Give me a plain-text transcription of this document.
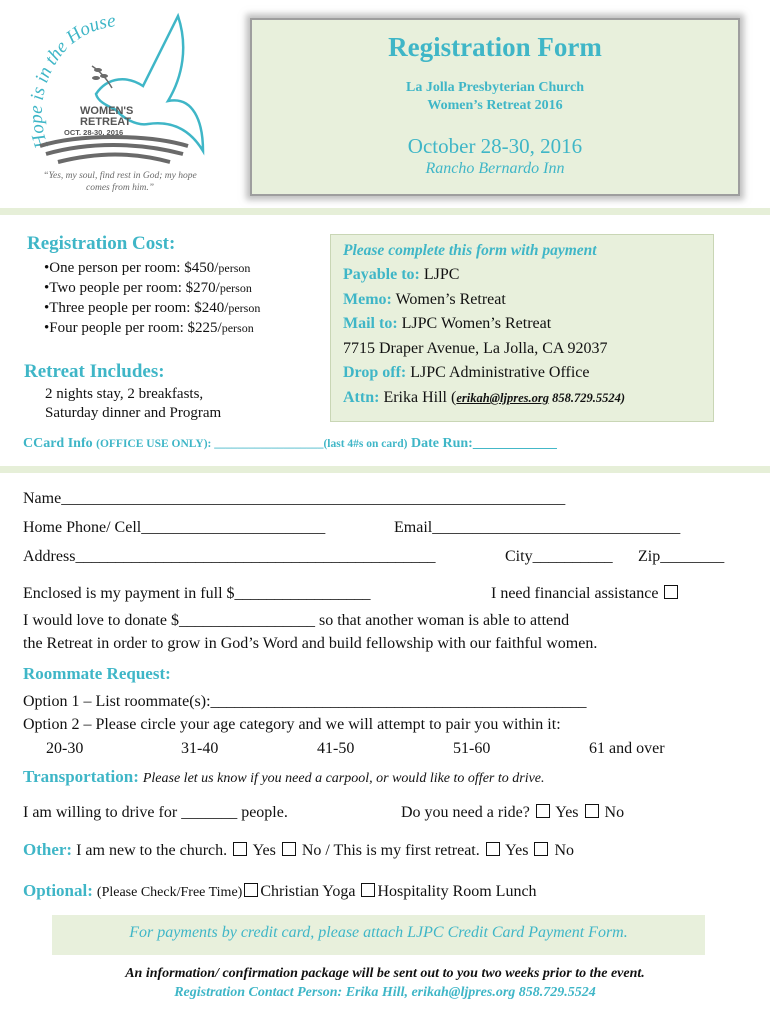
Hope is in the House
WOMEN'S
RETREAT
OCT. 28-30, 2016
“Yes, my soul, find rest in God; my hope comes from him.”
Registration Form
La Jolla Presbyterian Church
Women’s Retreat 2016
October 28-30, 2016
Rancho Bernardo Inn
Registration Cost:
•One person per room: $450/person
•Two people per room: $270/person
•Three people per room: $240/person
•Four people per room: $225/person
Retreat Includes:
2 nights stay, 2 breakfasts,
Saturday dinner and Program
Please complete this form with payment
Payable to: LJPC
Memo: Women’s Retreat
Mail to: LJPC Women’s Retreat
7715 Draper Avenue, La Jolla, CA 92037
Drop off: LJPC Administrative Office
Attn: Erika Hill (erikah@ljpres.org 858.729.5524)
CCard Info (OFFICE USE ONLY): ___________________(last 4#s on card) Date Run:____________
Name_______________________________________________________________
Home Phone/ Cell_______________________	Email_______________________________
Address_____________________________________________	City__________ Zip________
Enclosed is my payment in full $_________________	I need financial assistance
I would love to donate $_________________ so that another woman is able to attend
the Retreat in order to grow in God’s Word and build fellowship with our faithful women.
Roommate Request:
Option 1 – List roommate(s):_______________________________________________
Option 2 – Please circle your age category and we will attempt to pair you within it:
20-30	31-40	41-50	51-60	61 and over
Transportation: Please let us know if you need a carpool, or would like to offer to drive.
I am willing to drive for _______ people.	Do you need a ride? Yes No
Other: I am new to the church. Yes No / This is my first retreat. Yes No
Optional: (Please Check/Free Time) Christian Yoga Hospitality Room Lunch
For payments by credit card, please attach LJPC Credit Card Payment Form.
An information/ confirmation package will be sent out to you two weeks prior to the event.
Registration Contact Person: Erika Hill, erikah@ljpres.org 858.729.5524
